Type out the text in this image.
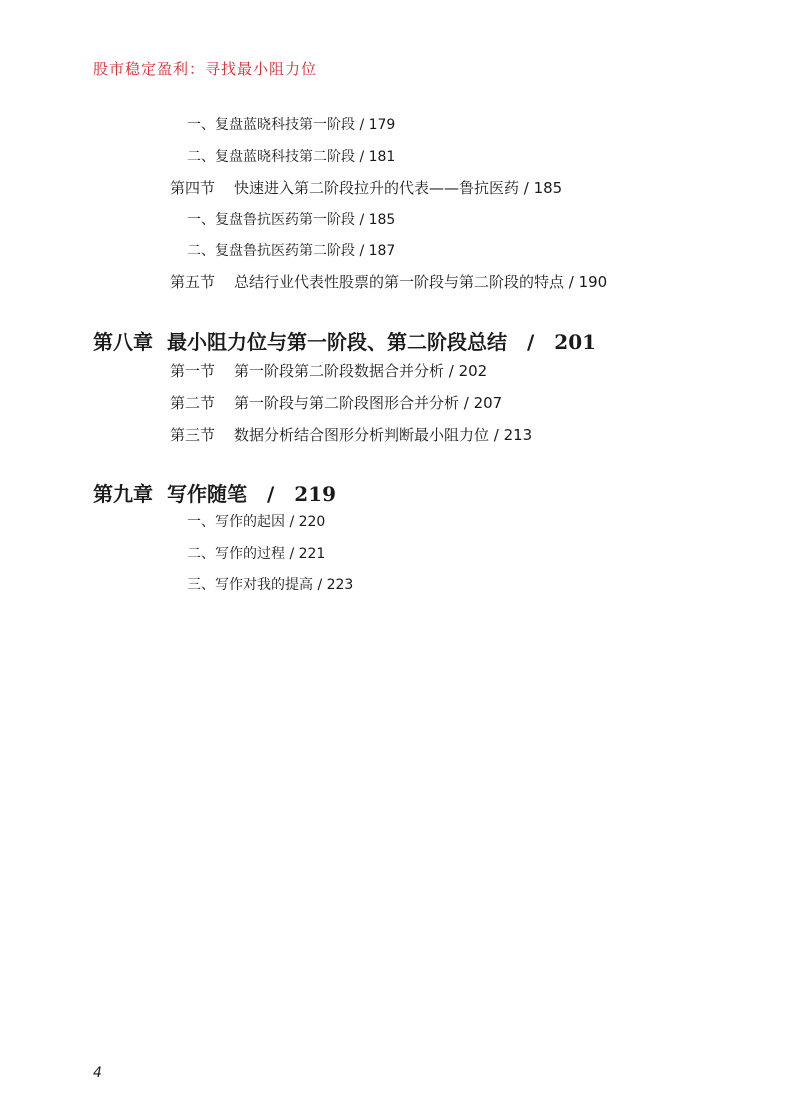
股市稳定盈利：寻找最小阻力位
一、复盘蓝晓科技第一阶段 / 179
二、复盘蓝晓科技第二阶段 / 181
第四节 快速进入第二阶段拉升的代表——鲁抗医药 / 185
一、复盘鲁抗医药第一阶段 / 185
二、复盘鲁抗医药第二阶段 / 187
第五节 总结行业代表性股票的第一阶段与第二阶段的特点 / 190
第八章 最小阻力位与第一阶段、第二阶段总结　/　201
第一节 第一阶段第二阶段数据合并分析 / 202
第二节 第一阶段与第二阶段图形合并分析 / 207
第三节 数据分析结合图形分析判断最小阻力位 / 213
第九章 写作随笔　/　219
一、写作的起因 / 220
二、写作的过程 / 221
三、写作对我的提高 / 223
4
